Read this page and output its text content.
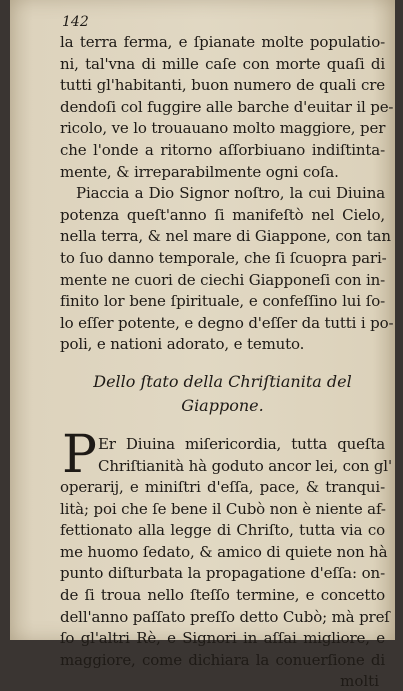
142
la terra ferma, e ſpianate molte populatio-
ni, tal'vna di mille caſe con morte quaſi di
tutti gl'habitanti, buon numero de quali cre
dendoſi col fuggire alle barche d'euitar il pe-
ricolo, ve lo trouauano molto maggiore, per
che l'onde a ritorno aſſorbiuano indiſtinta-
mente, & irreparabilmente ogni coſa.
Piaccia a Dio Signor noſtro, la cui Diuina
potenza queſt'anno ſi manifeſtò nel Cielo,
nella terra, & nel mare di Giappone, con tan
to ſuo danno temporale, che ſi ſcuopra pari-
mente ne cuori de ciechi Giapponeſi con in-
finito lor bene ſpirituale, e confeſſino lui ſo-
lo eſſer potente, e degno d'eſſer da tutti i po-
poli, e nationi adorato, e temuto.
Dello ſtato della Chriſtianita del
Giappone.
P Er Diuina miſericordia, tutta queſta
Chriſtianità hà goduto ancor lei, con gl'
operarij, e miniſtri d'eſſa, pace, & tranqui-
lità; poi che ſe bene il Cubò non è niente af-
fettionato alla legge di Chriſto, tutta via co
me huomo ſedato, & amico di quiete non hà
punto diſturbata la propagatione d'eſſa: on-
de ſi troua nello ſteſſo termine, e concetto
dell'anno paſſato preſſo detto Cubò; mà preſ
ſo gl'altri Rè, e Signori in aſſai migliore, e
maggiore, come dichiara la conuerſione di
molti
